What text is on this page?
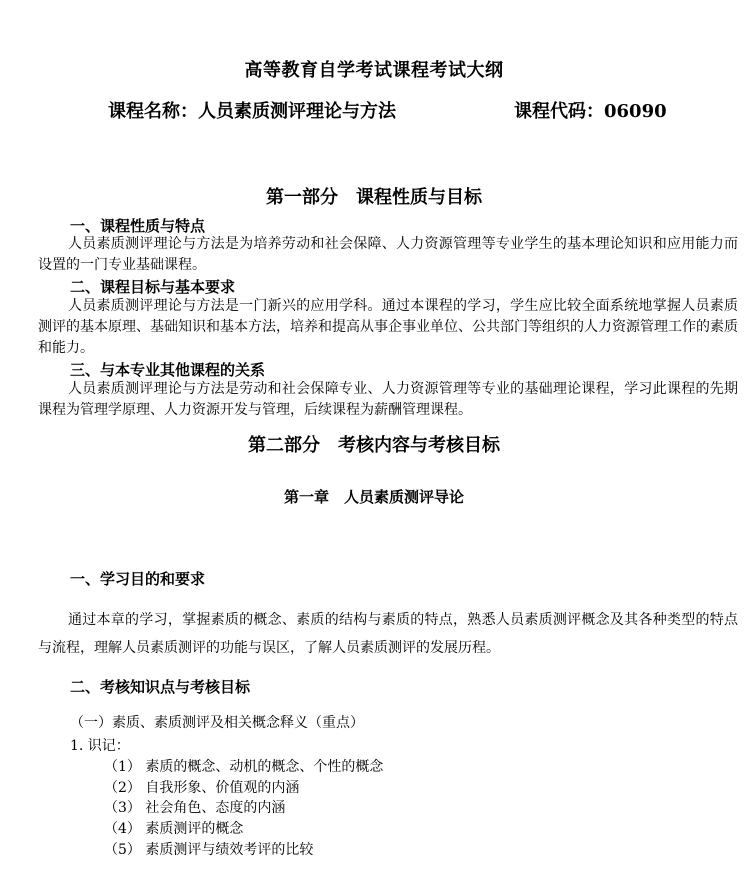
高等教育自学考试课程考试大纲
课程名称：人员素质测评理论与方法	课程代码：06090
第一部分　课程性质与目标
一、课程性质与特点
人员素质测评理论与方法是为培养劳动和社会保障、人力资源管理等专业学生的基本理论知识和应用能力而设置的一门专业基础课程。
二、课程目标与基本要求
人员素质测评理论与方法是一门新兴的应用学科。通过本课程的学习，学生应比较全面系统地掌握人员素质测评的基本原理、基础知识和基本方法，培养和提高从事企事业单位、公共部门等组织的人力资源管理工作的素质和能力。
三、与本专业其他课程的关系
人员素质测评理论与方法是劳动和社会保障专业、人力资源管理等专业的基础理论课程，学习此课程的先期课程为管理学原理、人力资源开发与管理，后续课程为薪酬管理课程。
第二部分　考核内容与考核目标
第一章　人员素质测评导论
一、学习目的和要求
通过本章的学习，掌握素质的概念、素质的结构与素质的特点，熟悉人员素质测评概念及其各种类型的特点与流程，理解人员素质测评的功能与误区，了解人员素质测评的发展历程。
二、考核知识点与考核目标
（一）素质、素质测评及相关概念释义（重点）
1. 识记：
（1） 素质的概念、动机的概念、个性的概念
（2） 自我形象、价值观的内涵
（3） 社会角色、态度的内涵
（4） 素质测评的概念
（5） 素质测评与绩效考评的比较
